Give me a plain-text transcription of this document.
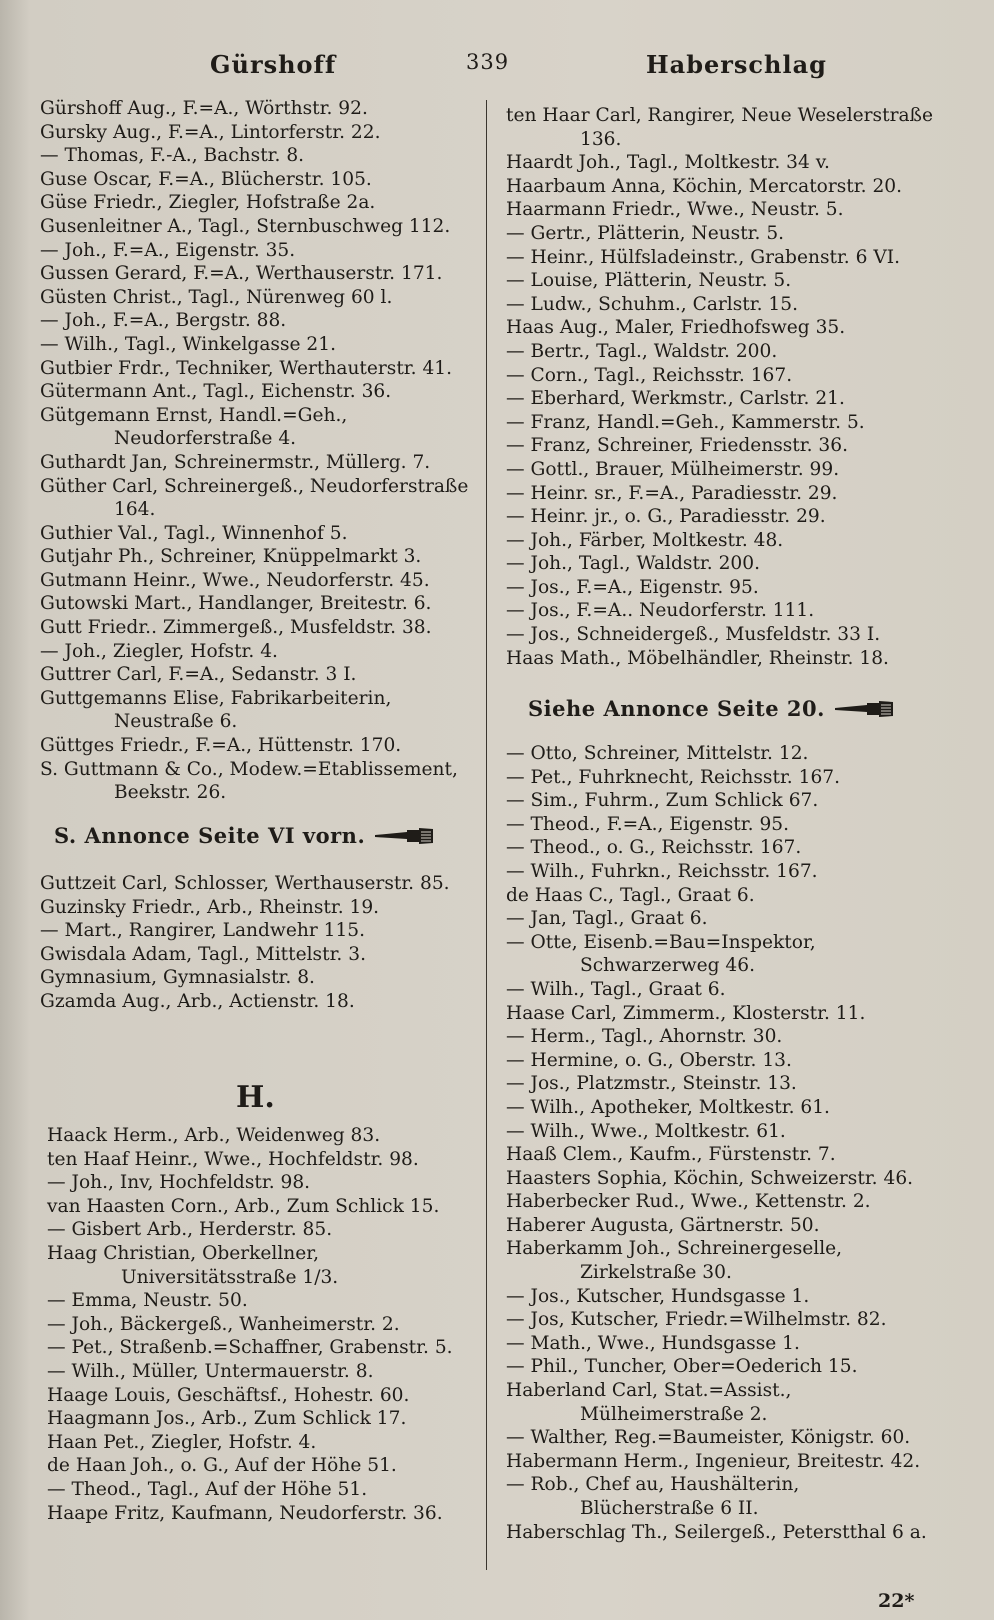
Gürshoff	339	Haberschlag
Gürshoff Aug., F.=A., Wörthstr. 92.
Gursky Aug., F.=A., Lintorferstr. 22.
— Thomas, F.-A., Bachstr. 8.
Guse Oscar, F.=A., Blücherstr. 105.
Güse Friedr., Ziegler, Hofstraße 2a.
Gusenleitner A., Tagl., Sternbuschweg 112.
— Joh., F.=A., Eigenstr. 35.
Gussen Gerard, F.=A., Werthauserstr. 171.
Güsten Christ., Tagl., Nürenweg 60 l.
— Joh., F.=A., Bergstr. 88.
— Wilh., Tagl., Winkelgasse 21.
Gutbier Frdr., Techniker, Werthauterstr. 41.
Gütermann Ant., Tagl., Eichenstr. 36.
Gütgemann Ernst, Handl.=Geh., Neudorferstraße 4.
Guthardt Jan, Schreinermstr., Müllerg. 7.
Güther Carl, Schreinergeß., Neudorferstraße 164.
Guthier Val., Tagl., Winnenhof 5.
Gutjahr Ph., Schreiner, Knüppelmarkt 3.
Gutmann Heinr., Wwe., Neudorferstr. 45.
Gutowski Mart., Handlanger, Breitestr. 6.
Gutt Friedr.. Zimmergeß., Musfeldstr. 38.
— Joh., Ziegler, Hofstr. 4.
Guttrer Carl, F.=A., Sedanstr. 3 I.
Guttgemanns Elise, Fabrikarbeiterin, Neustraße 6.
Güttges Friedr., F.=A., Hüttenstr. 170.
S. Guttmann & Co., Modew.=Etablissement, Beekstr. 26.
S. Annonce Seite VI vorn.
Guttzeit Carl, Schlosser, Werthauserstr. 85.
Guzinsky Friedr., Arb., Rheinstr. 19.
— Mart., Rangirer, Landwehr 115.
Gwisdala Adam, Tagl., Mittelstr. 3.
Gymnasium, Gymnasialstr. 8.
Gzamda Aug., Arb., Actienstr. 18.
H.
Haack Herm., Arb., Weidenweg 83.
ten Haaf Heinr., Wwe., Hochfeldstr. 98.
— Joh., Inv, Hochfeldstr. 98.
van Haasten Corn., Arb., Zum Schlick 15.
— Gisbert Arb., Herderstr. 85.
Haag Christian, Oberkellner, Universitätsstraße 1/3.
— Emma, Neustr. 50.
— Joh., Bäckergeß., Wanheimerstr. 2.
— Pet., Straßenb.=Schaffner, Grabenstr. 5.
— Wilh., Müller, Untermauerstr. 8.
Haage Louis, Geschäftsf., Hohestr. 60.
Haagmann Jos., Arb., Zum Schlick 17.
Haan Pet., Ziegler, Hofstr. 4.
de Haan Joh., o. G., Auf der Höhe 51.
— Theod., Tagl., Auf der Höhe 51.
Haape Fritz, Kaufmann, Neudorferstr. 36.
ten Haar Carl, Rangirer, Neue Weselerstraße 136.
Haardt Joh., Tagl., Moltkestr. 34 v.
Haarbaum Anna, Köchin, Mercatorstr. 20.
Haarmann Friedr., Wwe., Neustr. 5.
— Gertr., Plätterin, Neustr. 5.
— Heinr., Hülfsladeinstr., Grabenstr. 6 VI.
— Louise, Plätterin, Neustr. 5.
— Ludw., Schuhm., Carlstr. 15.
Haas Aug., Maler, Friedhofsweg 35.
— Bertr., Tagl., Waldstr. 200.
— Corn., Tagl., Reichsstr. 167.
— Eberhard, Werkmstr., Carlstr. 21.
— Franz, Handl.=Geh., Kammerstr. 5.
— Franz, Schreiner, Friedensstr. 36.
— Gottl., Brauer, Mülheimerstr. 99.
— Heinr. sr., F.=A., Paradiesstr. 29.
— Heinr. jr., o. G., Paradiesstr. 29.
— Joh., Färber, Moltkestr. 48.
— Joh., Tagl., Waldstr. 200.
— Jos., F.=A., Eigenstr. 95.
— Jos., F.=A.. Neudorferstr. 111.
— Jos., Schneidergeß., Musfeldstr. 33 I.
Haas Math., Möbelhändler, Rheinstr. 18.
Siehe Annonce Seite 20.
— Otto, Schreiner, Mittelstr. 12.
— Pet., Fuhrknecht, Reichsstr. 167.
— Sim., Fuhrm., Zum Schlick 67.
— Theod., F.=A., Eigenstr. 95.
— Theod., o. G., Reichsstr. 167.
— Wilh., Fuhrkn., Reichsstr. 167.
de Haas C., Tagl., Graat 6.
— Jan, Tagl., Graat 6.
— Otte, Eisenb.=Bau=Inspektor, Schwarzerweg 46.
— Wilh., Tagl., Graat 6.
Haase Carl, Zimmerm., Klosterstr. 11.
— Herm., Tagl., Ahornstr. 30.
— Hermine, o. G., Oberstr. 13.
— Jos., Platzmstr., Steinstr. 13.
— Wilh., Apotheker, Moltkestr. 61.
— Wilh., Wwe., Moltkestr. 61.
Haaß Clem., Kaufm., Fürstenstr. 7.
Haasters Sophia, Köchin, Schweizerstr. 46.
Haberbecker Rud., Wwe., Kettenstr. 2.
Haberer Augusta, Gärtnerstr. 50.
Haberkamm Joh., Schreinergeselle, Zirkelstraße 30.
— Jos., Kutscher, Hundsgasse 1.
— Jos, Kutscher, Friedr.=Wilhelmstr. 82.
— Math., Wwe., Hundsgasse 1.
— Phil., Tuncher, Ober=Oederich 15.
Haberland Carl, Stat.=Assist., Mülheimerstraße 2.
— Walther, Reg.=Baumeister, Königstr. 60.
Habermann Herm., Ingenieur, Breitestr. 42.
— Rob., Chef au, Haushälterin, Blücherstraße 6 II.
Haberschlag Th., Seilergeß., Peterstthal 6 a.
22*
